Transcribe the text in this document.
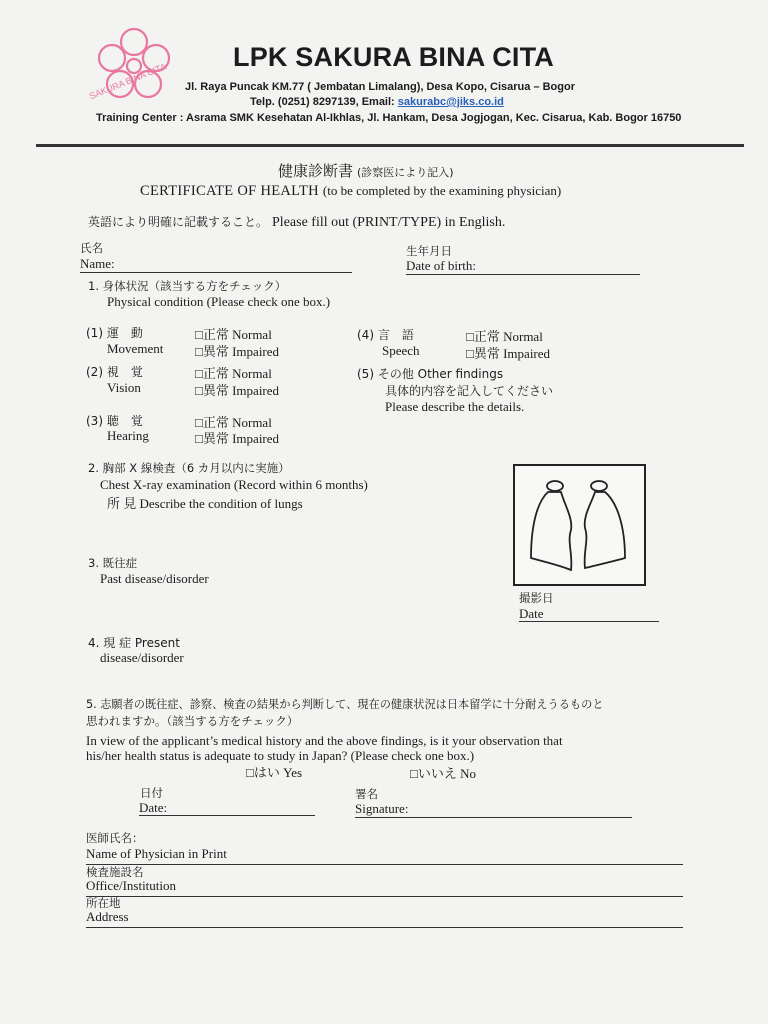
SAKURA BINA CITA
LPK SAKURA BINA CITA
Jl. Raya Puncak KM.77 ( Jembatan Limalang), Desa Kopo, Cisarua – Bogor
Telp. (0251) 8297139, Email: sakurabc@jiks.co.id
Training Center : Asrama SMK Kesehatan Al-Ikhlas, Jl. Hankam, Desa Jogjogan, Kec. Cisarua, Kab. Bogor 16750
健康診断書 (診察医により記入)
CERTIFICATE OF HEALTH (to be completed by the examining physician)
英語により明確に記載すること。 Please fill out (PRINT/TYPE) in English.
氏名
Name:
生年月日
Date of birth:
1. 身体状況（該当する方をチェック）
Physical condition (Please check one box.)
(1) 運　動
Movement
□正常 Normal
□異常 Impaired
(2) 視　覚
Vision
□正常 Normal
□異常 Impaired
(3) 聴　覚
Hearing
□正常 Normal
□異常 Impaired
(4) 言　語
Speech
□正常 Normal
□異常 Impaired
(5) その他 Other findings
具体的内容を記入してください
Please describe the details.
2. 胸部 X 線検査（6 カ月以内に実施）
Chest X-ray examination (Record within 6 months)
所 見 Describe the condition of lungs
撮影日
Date
3. 既往症
Past disease/disorder
4. 現 症 Present
disease/disorder
5. 志願者の既往症、診察、検査の結果から判断して、現在の健康状況は日本留学に十分耐えうるものと
思われますか。（該当する方をチェック）
In view of the applicant’s medical history and the above findings, is it your observation that
his/her health status is adequate to study in Japan? (Please check one box.)
□はい Yes	□いいえ No
日付
Date:
署名
Signature:
医師氏名：
Name of Physician in Print
検査施設名
Office/Institution
所在地
Address
